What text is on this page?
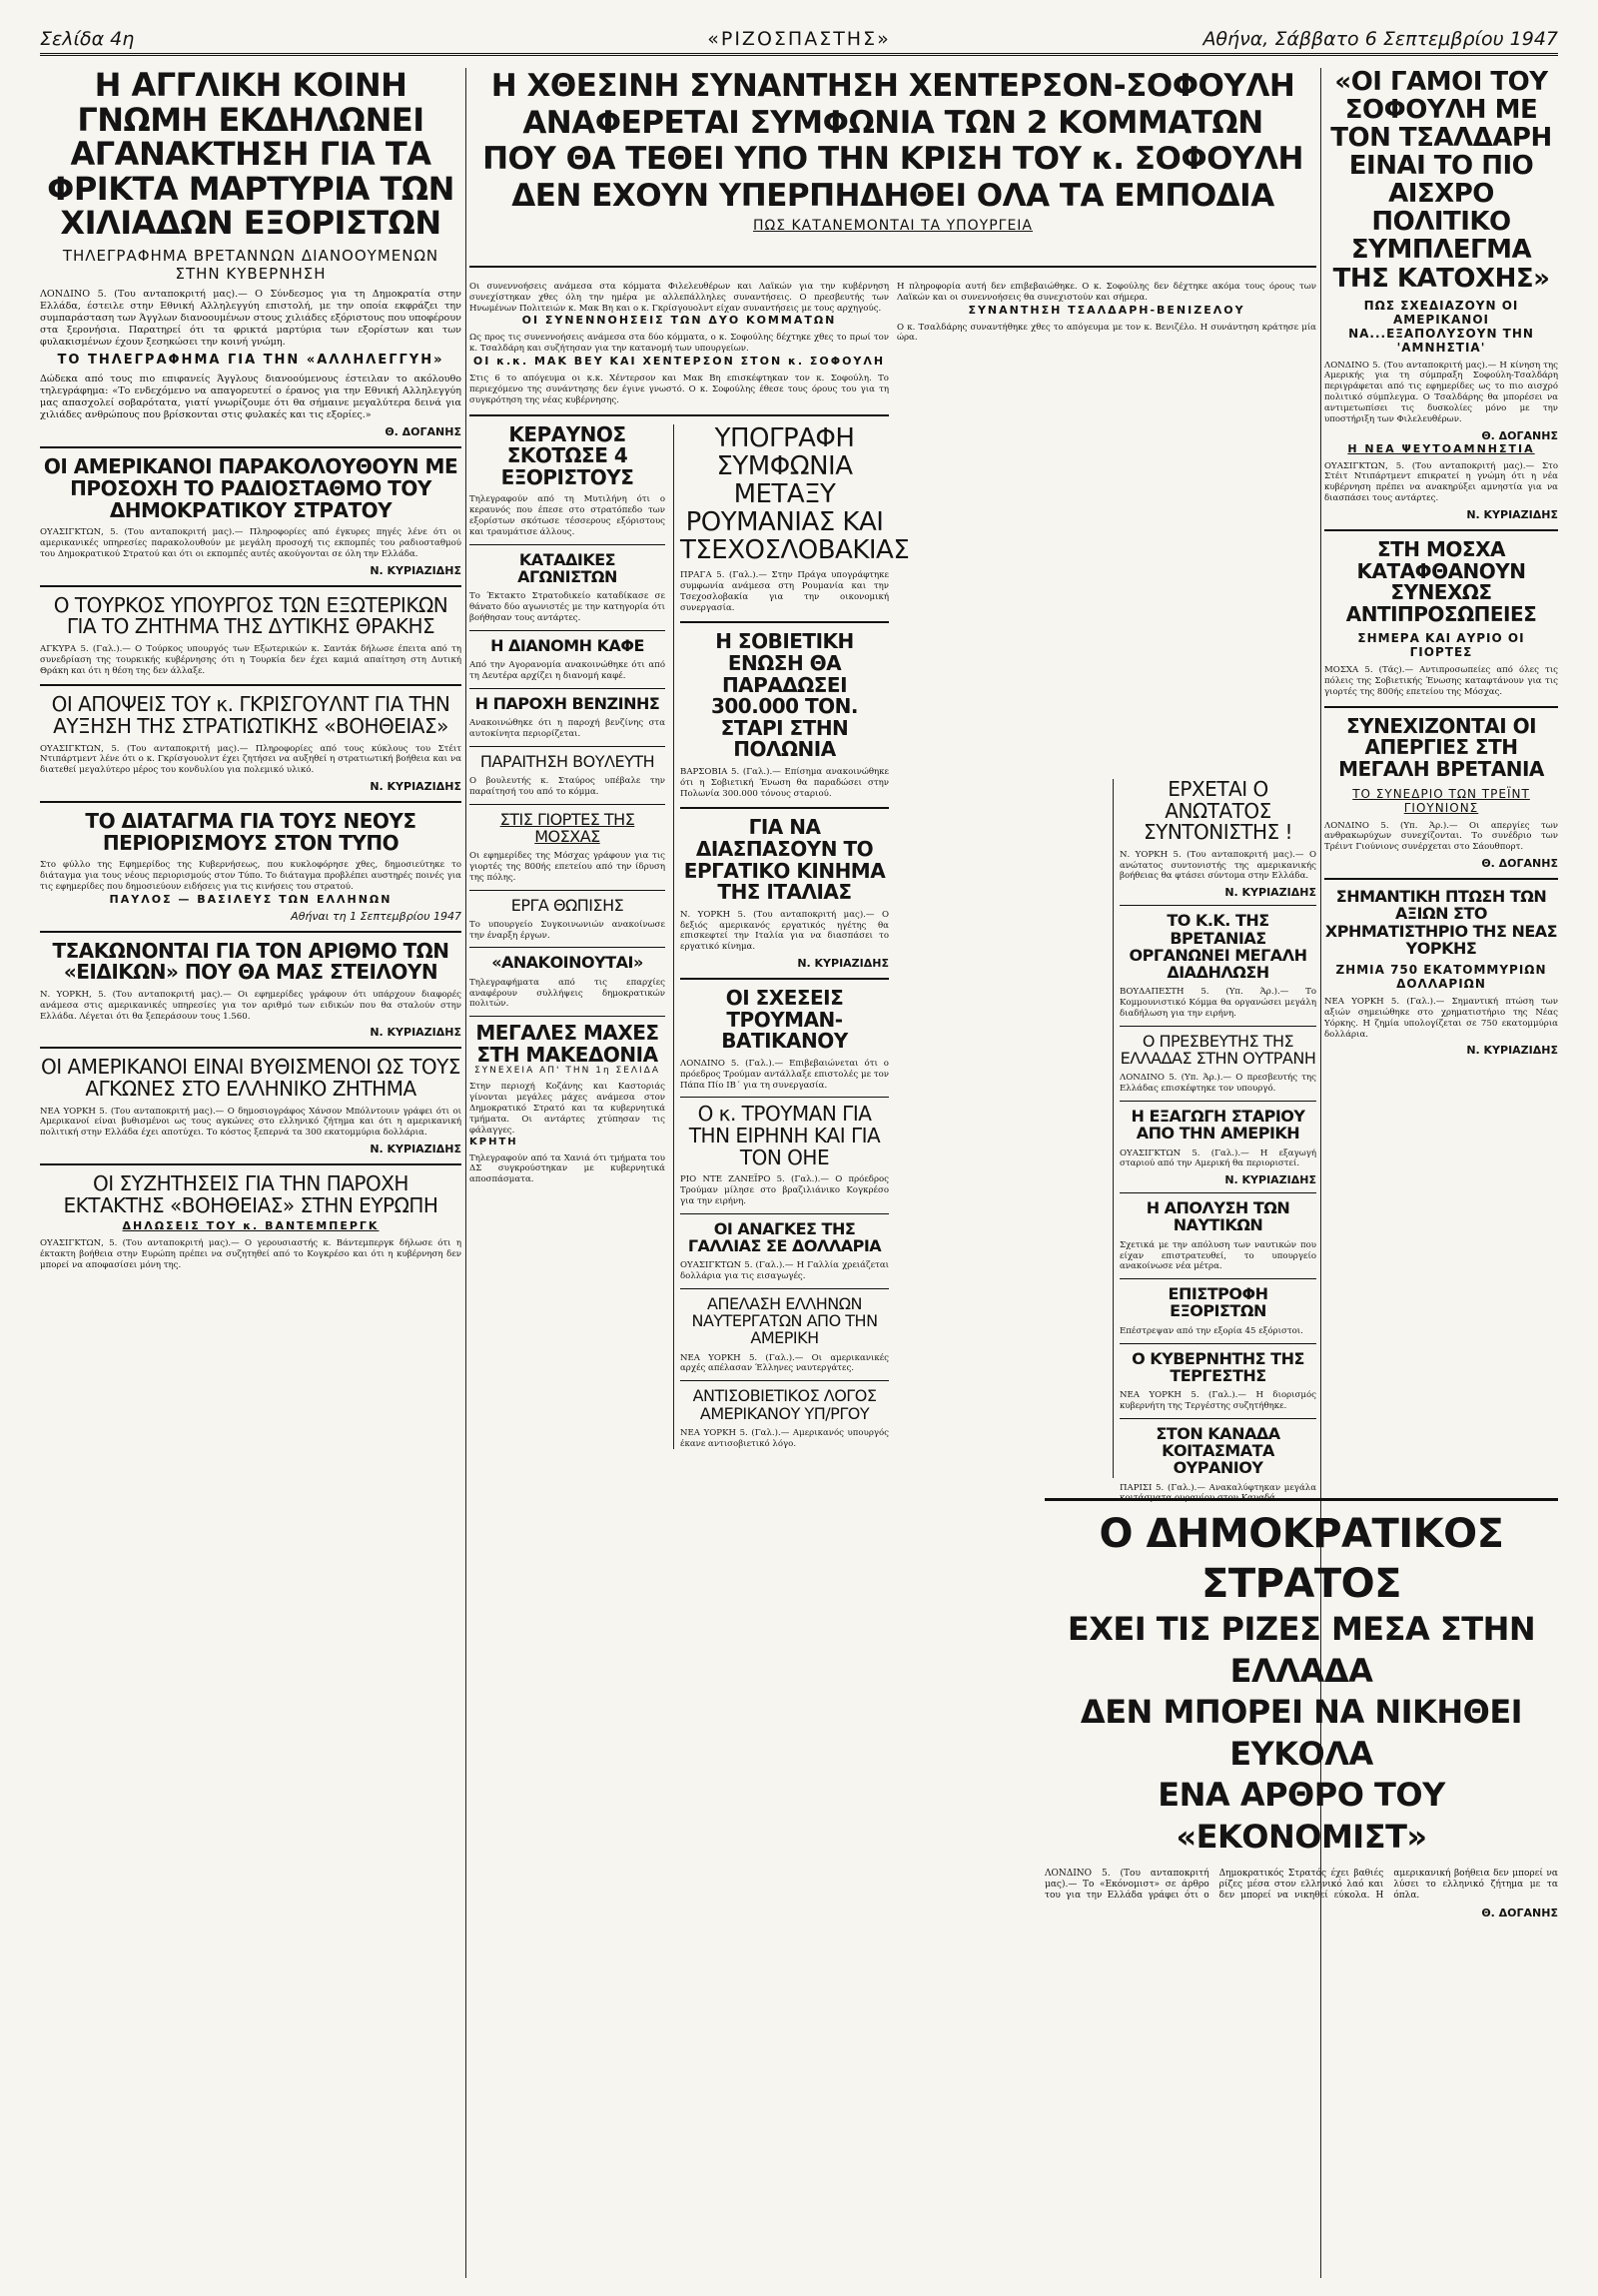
Σελίδα 4η	«ΡΙΖΟΣΠΑΣΤΗΣ»	Αθήνα, Σάββατο 6 Σεπτεμβρίου 1947
Η ΑΓΓΛΙΚΗ ΚΟΙΝΗ ΓΝΩΜΗ ΕΚΔΗΛΩΝΕΙ ΑΓΑΝΑΚΤΗΣΗ ΓΙΑ ΤΑ ΦΡΙΚΤΑ ΜΑΡΤΥΡΙΑ ΤΩΝ ΧΙΛΙΑΔΩΝ ΕΞΟΡΙΣΤΩΝ
ΤΗΛΕΓΡΑΦΗΜΑ ΒΡΕΤΑΝΝΩΝ ΔΙΑΝΟΟΥΜΕΝΩΝ ΣΤΗΝ ΚΥΒΕΡΝΗΣΗ
ΛΟΝΔΙΝΟ 5. (Του ανταποκριτή μας).— Ο Σύνδεσμος για τη Δημοκρατία στην Ελλάδα, έστειλε στην Εθνική Αλληλεγγύη επιστολή, με την οποία εκφράζει την συμπαράσταση των Άγγλων διανοουμένων στους χιλιάδες εξόριστους που υποφέρουν στα ξερονήσια. Παρατηρεί ότι τα φρικτά μαρτύρια των εξορίστων και των φυλακισμένων έχουν ξεσηκώσει την κοινή γνώμη.
ΤΟ ΤΗΛΕΓΡΑΦΗΜΑ ΓΙΑ ΤΗΝ «ΑΛΛΗΛΕΓΓΥΗ»
Δώδεκα από τους πιο επιφανείς Άγγλους διανοούμενους έστειλαν το ακόλουθο τηλεγράφημα: «Το ενδεχόμενο να απαγορευτεί ο έρανος για την Εθνική Αλληλεγγύη μας απασχολεί σοβαρότατα, γιατί γνωρίζουμε ότι θα σήμαινε μεγαλύτερα δεινά για χιλιάδες ανθρώπους που βρίσκονται στις φυλακές και τις εξορίες.»
Θ. ΔΟΓΑΝΗΣ
ΟΙ ΑΜΕΡΙΚΑΝΟΙ ΠΑΡΑΚΟΛΟΥΘΟΥΝ ΜΕ ΠΡΟΣΟΧΗ ΤΟ ΡΑΔΙΟΣΤΑΘΜΟ ΤΟΥ ΔΗΜΟΚΡΑΤΙΚΟΥ ΣΤΡΑΤΟΥ
ΟΥΑΣΙΓΚΤΩΝ, 5. (Του ανταποκριτή μας).— Πληροφορίες από έγκυρες πηγές λένε ότι οι αμερικανικές υπηρεσίες παρακολουθούν με μεγάλη προσοχή τις εκπομπές του ραδιοσταθμού του Δημοκρατικού Στρατού και ότι οι εκπομπές αυτές ακούγονται σε όλη την Ελλάδα.
Ν. ΚΥΡΙΑΖΙΔΗΣ
Ο ΤΟΥΡΚΟΣ ΥΠΟΥΡΓΟΣ ΤΩΝ ΕΞΩΤΕΡΙΚΩΝ ΓΙΑ ΤΟ ΖΗΤΗΜΑ ΤΗΣ ΔΥΤΙΚΗΣ ΘΡΑΚΗΣ
ΑΓΚΥΡΑ 5. (Γαλ.).— Ο Τούρκος υπουργός των Εξωτερικών κ. Σαντάκ δήλωσε έπειτα από τη συνεδρίαση της τουρκικής κυβέρνησης ότι η Τουρκία δεν έχει καμιά απαίτηση στη Δυτική Θράκη και ότι η θέση της δεν άλλαξε.
ΟΙ ΑΠΟΨΕΙΣ ΤΟΥ κ. ΓΚΡΙΣΓΟΥΛΝΤ ΓΙΑ ΤΗΝ ΑΥΞΗΣΗ ΤΗΣ ΣΤΡΑΤΙΩΤΙΚΗΣ «ΒΟΗΘΕΙΑΣ»
ΟΥΑΣΙΓΚΤΩΝ, 5. (Του ανταποκριτή μας).— Πληροφορίες από τους κύκλους του Στέιτ Ντιπάρτμεντ λένε ότι ο κ. Γκρίσγουολντ έχει ζητήσει να αυξηθεί η στρατιωτική βοήθεια και να διατεθεί μεγαλύτερο μέρος του κονδυλίου για πολεμικό υλικό.
Ν. ΚΥΡΙΑΖΙΔΗΣ
ΤΟ ΔΙΑΤΑΓΜΑ ΓΙΑ ΤΟΥΣ ΝΕΟΥΣ ΠΕΡΙΟΡΙΣΜΟΥΣ ΣΤΟΝ ΤΥΠΟ
Στο φύλλο της Εφημερίδος της Κυβερνήσεως, που κυκλοφόρησε χθες, δημοσιεύτηκε το διάταγμα για τους νέους περιορισμούς στον Τύπο. Το διάταγμα προβλέπει αυστηρές ποινές για τις εφημερίδες που δημοσιεύουν ειδήσεις για τις κινήσεις του στρατού.
ΠΑΥΛΟΣ — ΒΑΣΙΛΕΥΣ ΤΩΝ ΕΛΛΗΝΩΝ
Αθήναι τη 1 Σεπτεμβρίου 1947
ΤΣΑΚΩΝΟΝΤΑΙ ΓΙΑ ΤΟΝ ΑΡΙΘΜΟ ΤΩΝ «ΕΙΔΙΚΩΝ» ΠΟΥ ΘΑ ΜΑΣ ΣΤΕΙΛΟΥΝ
Ν. ΥΟΡΚΗ, 5. (Του ανταποκριτή μας).— Οι εφημερίδες γράφουν ότι υπάρχουν διαφορές ανάμεσα στις αμερικανικές υπηρεσίες για τον αριθμό των ειδικών που θα σταλούν στην Ελλάδα. Λέγεται ότι θα ξεπεράσουν τους 1.560.
Ν. ΚΥΡΙΑΖΙΔΗΣ
ΟΙ ΑΜΕΡΙΚΑΝΟΙ ΕΙΝΑΙ ΒΥΘΙΣΜΕΝΟΙ ΩΣ ΤΟΥΣ ΑΓΚΩΝΕΣ ΣΤΟ ΕΛΛΗΝΙΚΟ ΖΗΤΗΜΑ
ΝΕΑ ΥΟΡΚΗ 5. (Του ανταποκριτή μας).— Ο δημοσιογράφος Χάνσον Μπόλντουιν γράφει ότι οι Αμερικανοί είναι βυθισμένοι ως τους αγκώνες στο ελληνικό ζήτημα και ότι η αμερικανική πολιτική στην Ελλάδα έχει αποτύχει. Το κόστος ξεπερνά τα 300 εκατομμύρια δολλάρια.
Ν. ΚΥΡΙΑΖΙΔΗΣ
ΟΙ ΣΥΖΗΤΗΣΕΙΣ ΓΙΑ ΤΗΝ ΠΑΡΟΧΗ ΕΚΤΑΚΤΗΣ «ΒΟΗΘΕΙΑΣ» ΣΤΗΝ ΕΥΡΩΠΗ
ΔΗΛΩΣΕΙΣ ΤΟΥ κ. ΒΑΝΤΕΜΠΕΡΓΚ
ΟΥΑΣΙΓΚΤΩΝ, 5. (Του ανταποκριτή μας).— Ο γερουσιαστής κ. Βάντεμπεργκ δήλωσε ότι η έκτακτη βοήθεια στην Ευρώπη πρέπει να συζητηθεί από το Κογκρέσο και ότι η κυβέρνηση δεν μπορεί να αποφασίσει μόνη της.
Η ΧΘΕΣΙΝΗ ΣΥΝΑΝΤΗΣΗ ΧΕΝΤΕΡΣΟΝ-ΣΟΦΟΥΛΗ
ΑΝΑΦΕΡΕΤΑΙ ΣΥΜΦΩΝΙΑ ΤΩΝ 2 ΚΟΜΜΑΤΩΝ
ΠΟΥ ΘΑ ΤΕΘΕΙ ΥΠΟ ΤΗΝ ΚΡΙΣΗ ΤΟΥ κ. ΣΟΦΟΥΛΗ
ΔΕΝ ΕΧΟΥΝ ΥΠΕΡΠΗΔΗΘΕΙ ΟΛΑ ΤΑ ΕΜΠΟΔΙΑ
ΠΩΣ ΚΑΤΑΝΕΜΟΝΤΑΙ ΤΑ ΥΠΟΥΡΓΕΙΑ
Οι συνεννοήσεις ανάμεσα στα κόμματα Φιλελευθέρων και Λαϊκών για την κυβέρνηση συνεχίστηκαν χθες όλη την ημέρα με αλλεπάλληλες συναντήσεις. Ο πρεσβευτής των Ηνωμένων Πολιτειών κ. Μακ Βη και ο κ. Γκρίσγουολντ είχαν συναντήσεις με τους αρχηγούς.
ΟΙ ΣΥΝΕΝΝΟΗΣΕΙΣ ΤΩΝ ΔΥΟ ΚΟΜΜΑΤΩΝ
Ως προς τις συνεννοήσεις ανάμεσα στα δύο κόμματα, ο κ. Σοφούλης δέχτηκε χθες το πρωί τον κ. Τσαλδάρη και συζήτησαν για την κατανομή των υπουργείων.
ΟΙ κ.κ. ΜΑΚ ΒΕΥ ΚΑΙ ΧΕΝΤΕΡΣΟΝ ΣΤΟΝ κ. ΣΟΦΟΥΛΗ
Στις 6 το απόγευμα οι κ.κ. Χέντερσον και Μακ Βη επισκέφτηκαν τον κ. Σοφούλη. Το περιεχόμενο της συνάντησης δεν έγινε γνωστό. Ο κ. Σοφούλης έθεσε τους όρους του για τη συγκρότηση της νέας κυβέρνησης.
ΚΕΡΑΥΝΟΣ ΣΚΟΤΩΣΕ 4 ΕΞΟΡΙΣΤΟΥΣ
Τηλεγραφούν από τη Μυτιλήνη ότι ο κεραυνός που έπεσε στο στρατόπεδο των εξορίστων σκότωσε τέσσερους εξόριστους και τραυμάτισε άλλους.
ΚΑΤΑΔΙΚΕΣ ΑΓΩΝΙΣΤΩΝ
Το Έκτακτο Στρατοδικείο καταδίκασε σε θάνατο δύο αγωνιστές με την κατηγορία ότι βοήθησαν τους αντάρτες.
Η ΔΙΑΝΟΜΗ ΚΑΦΕ
Από την Αγορανομία ανακοινώθηκε ότι από τη Δευτέρα αρχίζει η διανομή καφέ.
Η ΠΑΡΟΧΗ ΒΕΝΖΙΝΗΣ
Ανακοινώθηκε ότι η παροχή βενζίνης στα αυτοκίνητα περιορίζεται.
ΠΑΡΑΙΤΗΣΗ ΒΟΥΛΕΥΤΗ
Ο βουλευτής κ. Σταύρος υπέβαλε την παραίτησή του από το κόμμα.
ΣΤΙΣ ΓΙΟΡΤΕΣ ΤΗΣ ΜΟΣΧΑΣ
Οι εφημερίδες της Μόσχας γράφουν για τις γιορτές της 800ής επετείου από την ίδρυση της πόλης.
ΕΡΓΑ ΘΩΠΙΣΗΣ
Το υπουργείο Συγκοινωνιών ανακοίνωσε την έναρξη έργων.
«ΑΝΑΚΟΙΝΟΥΤΑΙ»
Τηλεγραφήματα από τις επαρχίες αναφέρουν συλλήψεις δημοκρατικών πολιτών.
ΜΕΓΑΛΕΣ ΜΑΧΕΣ ΣΤΗ ΜΑΚΕΔΟΝΙΑ
ΣΥΝΕΧΕΙΑ ΑΠ' ΤΗΝ 1η ΣΕΛΙΔΑ
Στην περιοχή Κοζάνης και Καστοριάς γίνονται μεγάλες μάχες ανάμεσα στον Δημοκρατικό Στρατό και τα κυβερνητικά τμήματα. Οι αντάρτες χτύπησαν τις φάλαγγες.
ΚΡΗΤΗ
Τηλεγραφούν από τα Χανιά ότι τμήματα του ΔΣ συγκρούστηκαν με κυβερνητικά αποσπάσματα.
ΥΠΟΓΡΑΦΗ ΣΥΜΦΩΝΙΑ ΜΕΤΑΞΥ ΡΟΥΜΑΝΙΑΣ ΚΑΙ ΤΣΕΧΟΣΛΟΒΑΚΙΑΣ
ΠΡΑΓΑ 5. (Γαλ.).— Στην Πράγα υπογράφτηκε συμφωνία ανάμεσα στη Ρουμανία και την Τσεχοσλοβακία για την οικονομική συνεργασία.
Η ΣΟΒΙΕΤΙΚΗ ΕΝΩΣΗ ΘΑ ΠΑΡΑΔΩΣΕΙ 300.000 ΤΟΝ. ΣΤΑΡΙ ΣΤΗΝ ΠΟΛΩΝΙΑ
ΒΑΡΣΟΒΙΑ 5. (Γαλ.).— Επίσημα ανακοινώθηκε ότι η Σοβιετική Ένωση θα παραδώσει στην Πολωνία 300.000 τόνους σταριού.
ΓΙΑ ΝΑ ΔΙΑΣΠΑΣΟΥΝ ΤΟ ΕΡΓΑΤΙΚΟ ΚΙΝΗΜΑ ΤΗΣ ΙΤΑΛΙΑΣ
Ν. ΥΟΡΚΗ 5. (Του ανταποκριτή μας).— Ο δεξιός αμερικανός εργατικός ηγέτης θα επισκεφτεί την Ιταλία για να διασπάσει το εργατικό κίνημα.
Ν. ΚΥΡΙΑΖΙΔΗΣ
ΟΙ ΣΧΕΣΕΙΣ ΤΡΟΥΜΑΝ-ΒΑΤΙΚΑΝΟΥ
ΛΟΝΔΙΝΟ 5. (Γαλ.).— Επιβεβαιώνεται ότι ο πρόεδρος Τρούμαν αντάλλαξε επιστολές με τον Πάπα Πίο ΙΒ΄ για τη συνεργασία.
Ο κ. ΤΡΟΥΜΑΝ ΓΙΑ ΤΗΝ ΕΙΡΗΝΗ ΚΑΙ ΓΙΑ ΤΟΝ ΟΗΕ
ΡΙΟ ΝΤΕ ΖΑΝΕΪΡΟ 5. (Γαλ.).— Ο πρόεδρος Τρούμαν μίλησε στο βραζιλιάνικο Κογκρέσο για την ειρήνη.
ΟΙ ΑΝΑΓΚΕΣ ΤΗΣ ΓΑΛΛΙΑΣ ΣΕ ΔΟΛΛΑΡΙΑ
ΟΥΑΣΙΓΚΤΩΝ 5. (Γαλ.).— Η Γαλλία χρειάζεται δολλάρια για τις εισαγωγές.
ΑΠΕΛΑΣΗ ΕΛΛΗΝΩΝ ΝΑΥΤΕΡΓΑΤΩΝ ΑΠΟ ΤΗΝ ΑΜΕΡΙΚΗ
ΝΕΑ ΥΟΡΚΗ 5. (Γαλ.).— Οι αμερικανικές αρχές απέλασαν Έλληνες ναυτεργάτες.
ΑΝΤΙΣΟΒΙΕΤΙΚΟΣ ΛΟΓΟΣ ΑΜΕΡΙΚΑΝΟΥ ΥΠ/ΡΓΟΥ
ΝΕΑ ΥΟΡΚΗ 5. (Γαλ.).— Αμερικανός υπουργός έκανε αντισοβιετικό λόγο.
Η πληροφορία αυτή δεν επιβεβαιώθηκε. Ο κ. Σοφούλης δεν δέχτηκε ακόμα τους όρους των Λαϊκών και οι συνεννοήσεις θα συνεχιστούν και σήμερα.
ΣΥΝΑΝΤΗΣΗ ΤΣΑΛΔΑΡΗ-ΒΕΝΙΖΕΛΟΥ
Ο κ. Τσαλδάρης συναντήθηκε χθες το απόγευμα με τον κ. Βενιζέλο. Η συνάντηση κράτησε μία ώρα.
ΕΡΧΕΤΑΙ Ο ΑΝΩΤΑΤΟΣ ΣΥΝΤΟΝΙΣΤΗΣ !
Ν. ΥΟΡΚΗ 5. (Του ανταποκριτή μας).— Ο ανώτατος συντονιστής της αμερικανικής βοήθειας θα φτάσει σύντομα στην Ελλάδα.
Ν. ΚΥΡΙΑΖΙΔΗΣ
ΤΟ Κ.Κ. ΤΗΣ ΒΡΕΤΑΝΙΑΣ ΟΡΓΑΝΩΝΕΙ ΜΕΓΑΛΗ ΔΙΑΔΗΛΩΣΗ
ΒΟΥΔΑΠΕΣΤΗ 5. (Υπ. Άρ.).— Το Κομμουνιστικό Κόμμα θα οργανώσει μεγάλη διαδήλωση για την ειρήνη.
Ο ΠΡΕΣΒΕΥΤΗΣ ΤΗΣ ΕΛΛΑΔΑΣ ΣΤΗΝ ΟΥΤΡΑΝΗ
ΛΟΝΔΙΝΟ 5. (Υπ. Άρ.).— Ο πρεσβευτής της Ελλάδας επισκέφτηκε τον υπουργό.
Η ΕΞΑΓΩΓΗ ΣΤΑΡΙΟΥ ΑΠΟ ΤΗΝ ΑΜΕΡΙΚΗ
ΟΥΑΣΙΓΚΤΩΝ 5. (Γαλ.).— Η εξαγωγή σταριού από την Αμερική θα περιοριστεί.
Ν. ΚΥΡΙΑΖΙΔΗΣ
Η ΑΠΟΛΥΣΗ ΤΩΝ ΝΑΥΤΙΚΩΝ
Σχετικά με την απόλυση των ναυτικών που είχαν επιστρατευθεί, το υπουργείο ανακοίνωσε νέα μέτρα.
ΕΠΙΣΤΡΟΦΗ ΕΞΟΡΙΣΤΩΝ
Επέστρεψαν από την εξορία 45 εξόριστοι.
Ο ΚΥΒΕΡΝΗΤΗΣ ΤΗΣ ΤΕΡΓΕΣΤΗΣ
ΝΕΑ ΥΟΡΚΗ 5. (Γαλ.).— Η διορισμός κυβερνήτη της Τεργέστης συζητήθηκε.
ΣΤΟΝ ΚΑΝΑΔΑ ΚΟΙΤΑΣΜΑΤΑ ΟΥΡΑΝΙΟΥ
ΠΑΡΙΣΙ 5. (Γαλ.).— Ανακαλύφτηκαν μεγάλα κοιτάσματα ουρανίου στον Καναδά.
«ΟΙ ΓΑΜΟΙ ΤΟΥ ΣΟΦΟΥΛΗ ΜΕ ΤΟΝ ΤΣΑΛΔΑΡΗ ΕΙΝΑΙ ΤΟ ΠΙΟ ΑΙΣΧΡΟ ΠΟΛΙΤΙΚΟ ΣΥΜΠΛΕΓΜΑ ΤΗΣ ΚΑΤΟΧΗΣ»
ΠΩΣ ΣΧΕΔΙΑΖΟΥΝ ΟΙ ΑΜΕΡΙΚΑΝΟΙ ΝΑ...ΕΞΑΠΟΛΥΣΟΥΝ ΤΗΝ 'ΑΜΝΗΣΤΙΑ'
ΛΟΝΔΙΝΟ 5. (Του ανταποκριτή μας).— Η κίνηση της Αμερικής για τη σύμπραξη Σοφούλη-Τσαλδάρη περιγράφεται από τις εφημερίδες ως το πιο αισχρό πολιτικό σύμπλεγμα. Ο Τσαλδάρης θα μπορέσει να αντιμετωπίσει τις δυσκολίες μόνο με την υποστήριξη των Φιλελευθέρων.
Θ. ΔΟΓΑΝΗΣ
Η ΝΕΑ ΨΕΥΤΟΑΜΝΗΣΤΙΑ
ΟΥΑΣΙΓΚΤΩΝ, 5. (Του ανταποκριτή μας).— Στο Στέιτ Ντιπάρτμεντ επικρατεί η γνώμη ότι η νέα κυβέρνηση πρέπει να ανακηρύξει αμνηστία για να διασπάσει τους αντάρτες.
Ν. ΚΥΡΙΑΖΙΔΗΣ
ΣΤΗ ΜΟΣΧΑ ΚΑΤΑΦΘΑΝΟΥΝ ΣΥΝΕΧΩΣ ΑΝΤΙΠΡΟΣΩΠΕΙΕΣ
ΣΗΜΕΡΑ ΚΑΙ ΑΥΡΙΟ ΟΙ ΓΙΟΡΤΕΣ
ΜΟΣΧΑ 5. (Τάς).— Αντιπροσωπείες από όλες τις πόλεις της Σοβιετικής Ένωσης καταφτάνουν για τις γιορτές της 800ής επετείου της Μόσχας.
ΣΥΝΕΧΙΖΟΝΤΑΙ ΟΙ ΑΠΕΡΓΙΕΣ ΣΤΗ ΜΕΓΑΛΗ ΒΡΕΤΑΝΙΑ
ΤΟ ΣΥΝΕΔΡΙΟ ΤΩΝ ΤΡΕΪΝΤ ΓΙΟΥΝΙΟΝΣ
ΛΟΝΔΙΝΟ 5. (Υπ. Άρ.).— Οι απεργίες των ανθρακωρύχων συνεχίζονται. Το συνέδριο των Τρέιντ Γιούνιονς συνέρχεται στο Σάουθπορτ.
Θ. ΔΟΓΑΝΗΣ
ΣΗΜΑΝΤΙΚΗ ΠΤΩΣΗ ΤΩΝ ΑΞΙΩΝ ΣΤΟ ΧΡΗΜΑΤΙΣΤΗΡΙΟ ΤΗΣ ΝΕΑΣ ΥΟΡΚΗΣ
ΖΗΜΙΑ 750 ΕΚΑΤΟΜΜΥΡΙΩΝ ΔΟΛΛΑΡΙΩΝ
ΝΕΑ ΥΟΡΚΗ 5. (Γαλ.).— Σημαντική πτώση των αξιών σημειώθηκε στο χρηματιστήριο της Νέας Υόρκης. Η ζημία υπολογίζεται σε 750 εκατομμύρια δολλάρια.
Ν. ΚΥΡΙΑΖΙΔΗΣ
Ο ΔΗΜΟΚΡΑΤΙΚΟΣ ΣΤΡΑΤΟΣ
ΕΧΕΙ ΤΙΣ ΡΙΖΕΣ ΜΕΣΑ ΣΤΗΝ ΕΛΛΑΔΑ
ΔΕΝ ΜΠΟΡΕΙ ΝΑ ΝΙΚΗΘΕΙ ΕΥΚΟΛΑ
ΕΝΑ ΑΡΘΡΟ ΤΟΥ «ΕΚΟΝΟΜΙΣΤ»
ΛΟΝΔΙΝΟ 5. (Του ανταποκριτή μας).— Το «Εκόνομιστ» σε άρθρο του για την Ελλάδα γράφει ότι ο Δημοκρατικός Στρατός έχει βαθιές ρίζες μέσα στον ελληνικό λαό και δεν μπορεί να νικηθεί εύκολα. Η αμερικανική βοήθεια δεν μπορεί να λύσει το ελληνικό ζήτημα με τα όπλα.
Θ. ΔΟΓΑΝΗΣ
